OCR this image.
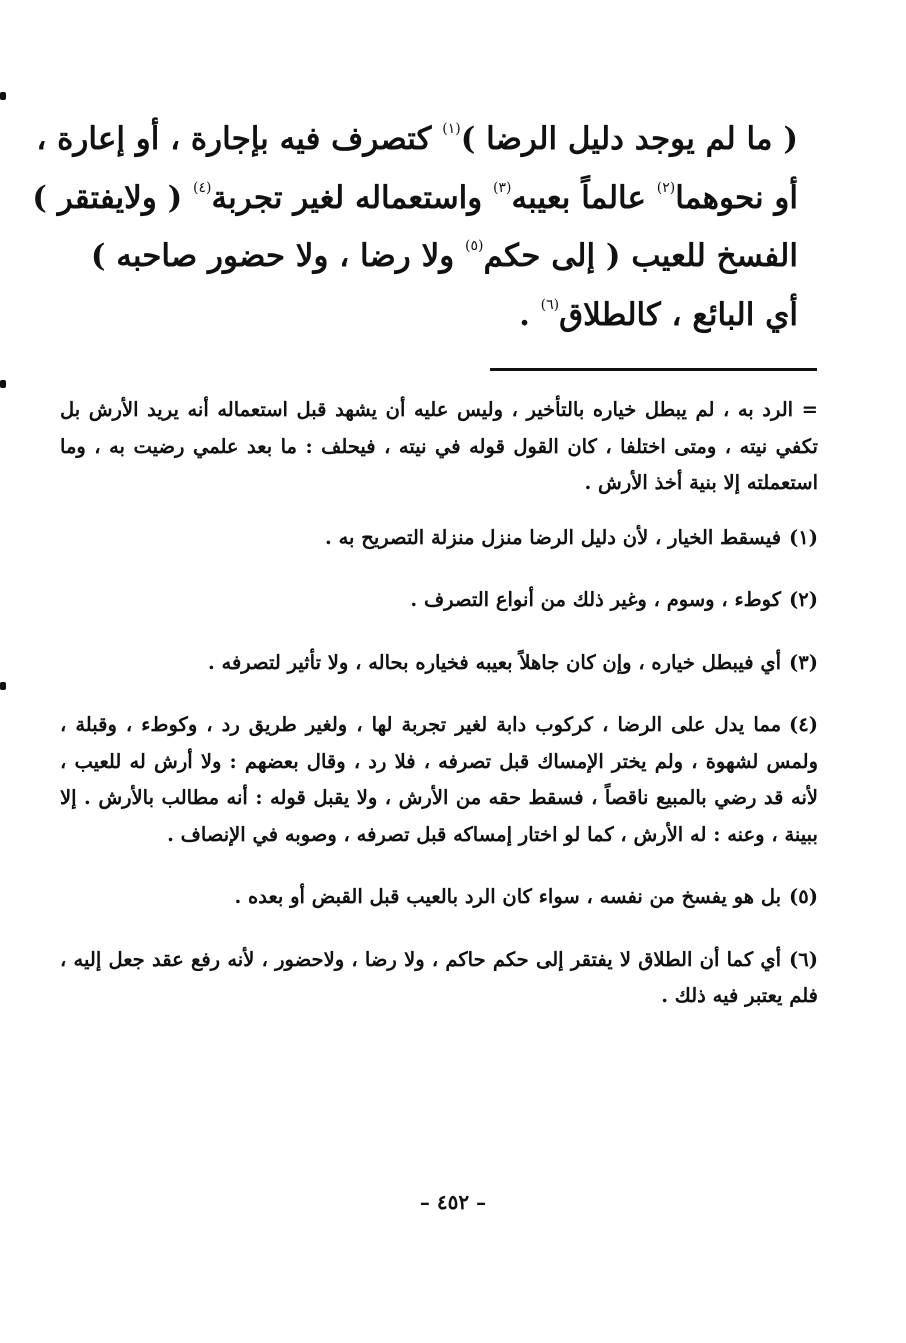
( ما لم يوجد دليل الرضا )$^{(١)}$ كتصرف فيه بإجارة ، أو إعارة ،
أو نحوهما$^{(٢)}$ عالماً بعيبه$^{(٣)}$ واستعماله لغير تجربة$^{(٤)}$ ( ولايفتقر )
الفسخ للعيب ( إلى حكم$^{(٥)}$ ولا رضا ، ولا حضور صاحبه )
أي البائع ، كالطلاق$^{(٦)}$ .

= الرد به ، لم يبطل خياره بالتأخير ، وليس عليه أن يشهد قبل استعماله أنه يريد الأرش بل تكفي نيته ، ومتى اختلفا ، كان القول قوله في نيته ، فيحلف : ما بعد علمي رضيت به ، وما استعملته إلا بنية أخذ الأرش .

(١)فيسقط الخيار ، لأن دليل الرضا منزل منزلة التصريح به .

(٢)كوطء ، وسوم ، وغير ذلك من أنواع التصرف .

(٣)أي فيبطل خياره ، وإن كان جاهلاً بعيبه فخياره بحاله ، ولا تأثير لتصرفه .

(٤)مما يدل على الرضا ، كركوب دابة لغير تجربة لها ، ولغير طريق رد ، وكوطء ، وقبلة ، ولمس لشهوة ، ولم يختر الإمساك قبل تصرفه ، فلا رد ، وقال بعضهم : ولا أرش له للعيب ، لأنه قد رضي بالمبيع ناقصاً ، فسقط حقه من الأرش ، ولا يقبل قوله : أنه مطالب بالأرش . إلا ببينة ، وعنه : له الأرش ، كما لو اختار إمساكه قبل تصرفه ، وصوبه في الإنصاف .

(٥)بل هو يفسخ من نفسه ، سواء كان الرد بالعيب قبل القبض أو بعده .

(٦)أي كما أن الطلاق لا يفتقر إلى حكم حاكم ، ولا رضا ، ولاحضور ، لأنه رفع عقد جعل إليه ، فلم يعتبر فيه ذلك .

– ٤٥٢ –
